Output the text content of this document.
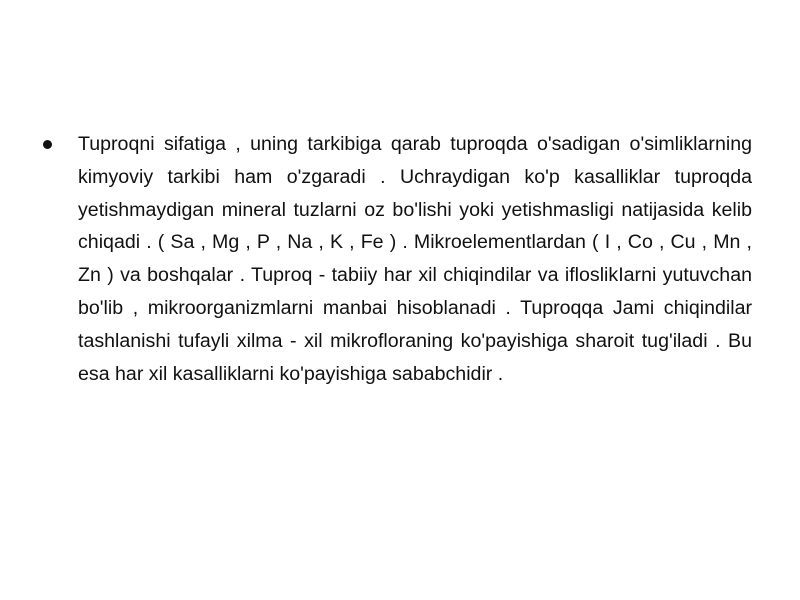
Tuproqni sifatiga , uning tarkibiga qarab tuproqda o'sadigan o'simliklarning kimyoviy tarkibi ham o'zgaradi . Uchraydigan ko'p kasalliklar tuproqda yetishmaydigan mineral tuzlarni oz bo'lishi yoki yetishmasligi natijasida kelib chiqadi . ( Sa , Mg , P , Na , K , Fe ) . Mikroelementlardan ( I , Co , Cu , Mn , Zn ) va boshqalar . Tuproq - tabiiy har xil chiqindilar va ifloslikIarni yutuvchan bo'lib , mikroorganizmlarni manbai hisoblanadi . Tuproqqa Jami chiqindilar tashlanishi tufayli xilma - xil mikrofloraning ko'payishiga sharoit tug'iladi . Bu esa har xil kasalliklarni ko'payishiga sababchidir .
